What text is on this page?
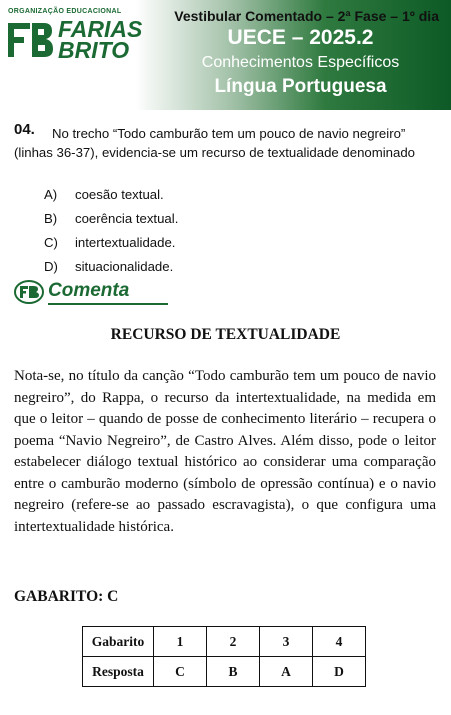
ORGANIZAÇÃO EDUCACIONAL
FARIAS
BRITO
Vestibular Comentado – 2ª Fase – 1º dia
UECE – 2025.2
Conhecimentos Específicos
Língua Portuguesa
04.	No trecho “Todo camburão tem um pouco de navio negreiro” (linhas 36-37), evidencia-se um recurso de textualidade denominado
A) coesão textual.
B) coerência textual.
C) intertextualidade.
D) situacionalidade.
Comenta
RECURSO DE TEXTUALIDADE
Nota-se, no título da canção “Todo camburão tem um pouco de navio negreiro”, do Rappa, o recurso da intertextualidade, na medida em que o leitor – quando de posse de conhecimento literário – recupera o poema “Navio Negreiro”, de Castro Alves. Além disso, pode o leitor estabelecer diálogo textual histórico ao considerar uma comparação entre o camburão moderno (símbolo de opressão contínua) e o navio negreiro (refere-se ao passado escravagista), o que configura uma intertextualidade histórica.
GABARITO: C
Gabarito	1	2	3	4
Resposta	C	B	A	D
